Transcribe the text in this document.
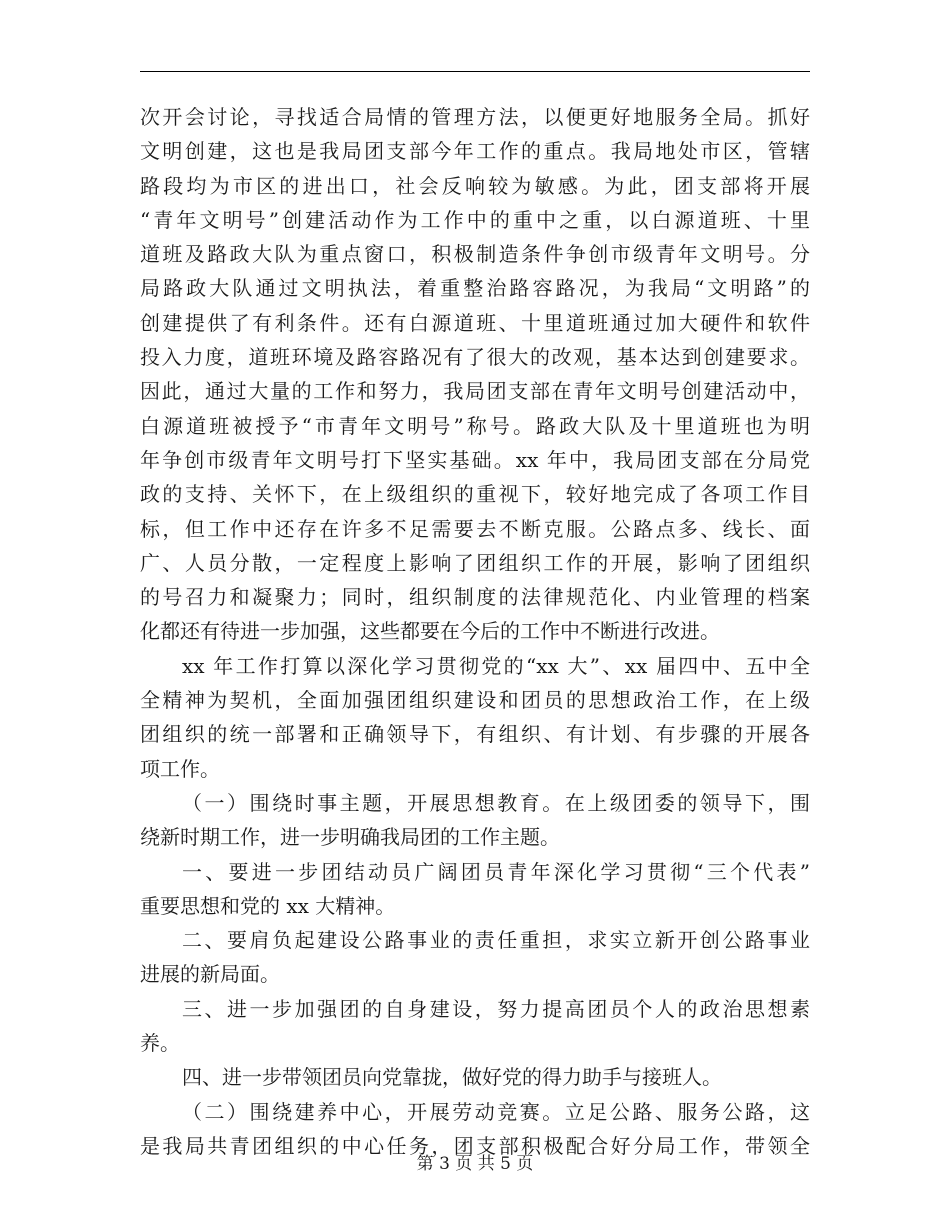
次开会讨论，寻找适合局情的管理方法，以便更好地服务全局。抓好
文明创建，这也是我局团支部今年工作的重点。我局地处市区，管辖
路段均为市区的进出口，社会反响较为敏感。为此，团支部将开展
“青年文明号”创建活动作为工作中的重中之重，以白源道班、十里
道班及路政大队为重点窗口，积极制造条件争创市级青年文明号。分
局路政大队通过文明执法，着重整治路容路况，为我局“文明路”的
创建提供了有利条件。还有白源道班、十里道班通过加大硬件和软件
投入力度，道班环境及路容路况有了很大的改观，基本达到创建要求。
因此，通过大量的工作和努力，我局团支部在青年文明号创建活动中，
白源道班被授予“市青年文明号”称号。路政大队及十里道班也为明
年争创市级青年文明号打下坚实基础。xx 年中，我局团支部在分局党
政的支持、关怀下，在上级组织的重视下，较好地完成了各项工作目
标，但工作中还存在许多不足需要去不断克服。公路点多、线长、面
广、人员分散，一定程度上影响了团组织工作的开展，影响了团组织
的号召力和凝聚力；同时，组织制度的法律规范化、内业管理的档案
化都还有待进一步加强，这些都要在今后的工作中不断进行改进。
xx 年工作打算以深化学习贯彻党的“xx 大”、xx 届四中、五中全
全精神为契机，全面加强团组织建设和团员的思想政治工作，在上级
团组织的统一部署和正确领导下，有组织、有计划、有步骤的开展各
项工作。
（一）围绕时事主题，开展思想教育。在上级团委的领导下，围
绕新时期工作，进一步明确我局团的工作主题。
一、要进一步团结动员广阔团员青年深化学习贯彻“三个代表”
重要思想和党的 xx 大精神。
二、要肩负起建设公路事业的责任重担，求实立新开创公路事业
进展的新局面。
三、进一步加强团的自身建设，努力提高团员个人的政治思想素
养。
四、进一步带领团员向党靠拢，做好党的得力助手与接班人。
（二）围绕建养中心，开展劳动竞赛。立足公路、服务公路，这
是我局共青团组织的中心任务，团支部积极配合好分局工作，带领全
第 3 页 共 5 页
